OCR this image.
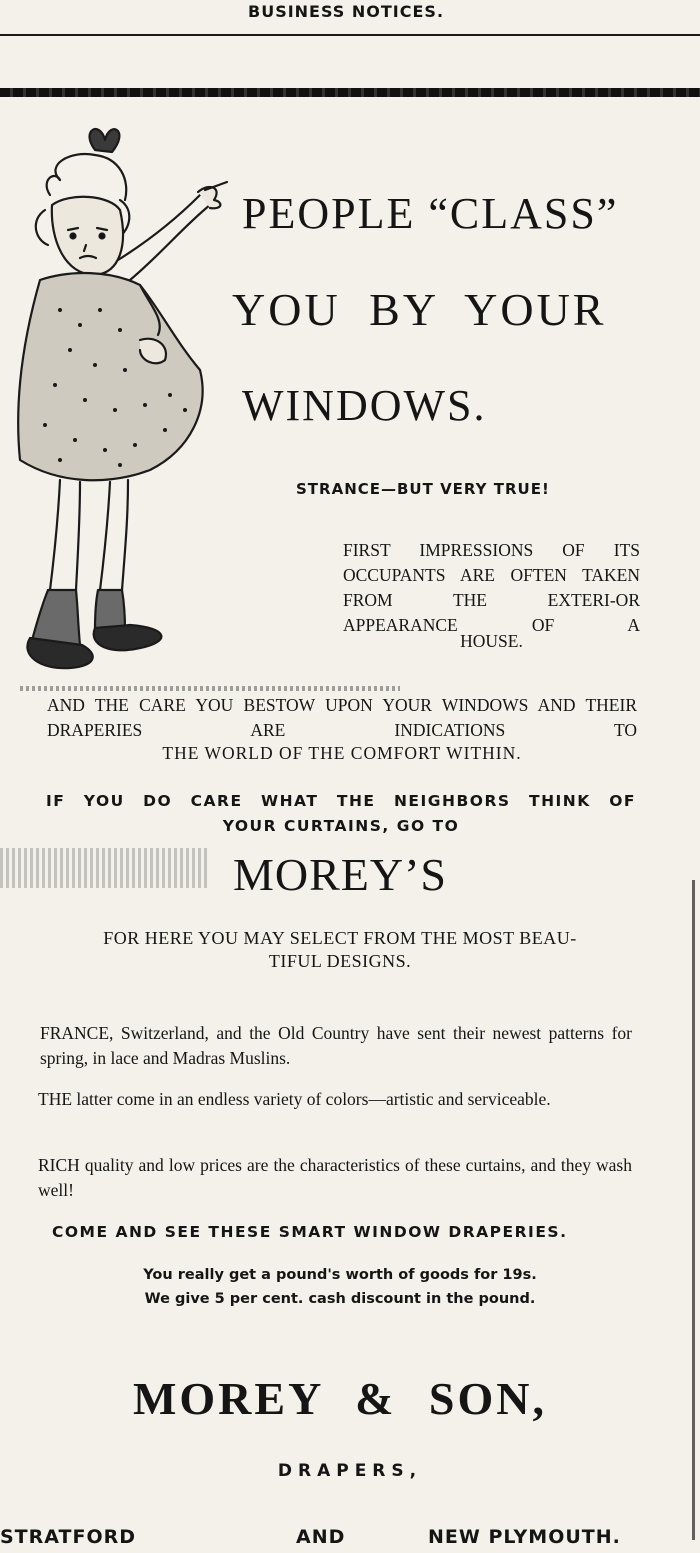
BUSINESS NOTICES.
PEOPLE “CLASS”
YOU BY YOUR
WINDOWS.
STRANCE—BUT VERY TRUE!
FIRST IMPRESSIONS OF ITS OCCUPANTS ARE OFTEN TAKEN FROM THE EXTERI-OR APPEARANCE OF A
HOUSE.
AND THE CARE YOU BESTOW UPON YOUR WINDOWS AND THEIR DRAPERIES ARE INDICATIONS TO
THE WORLD OF THE COMFORT WITHIN.
IF YOU DO CARE WHAT THE NEIGHBORS THINK OF
YOUR CURTAINS, GO TO
MOREY’S
FOR HERE YOU MAY SELECT FROM THE MOST BEAU-
TIFUL DESIGNS.
FRANCE, Switzerland, and the Old Country have sent their newest patterns for spring, in lace and Madras Muslins.
THE latter come in an endless variety of colors—artistic and serviceable.
RICH quality and low prices are the characteristics of these curtains, and they wash well!
COME AND SEE THESE SMART WINDOW DRAPERIES.
You really get a pound's worth of goods for 19s.
We give 5 per cent. cash discount in the pound.
MOREY & SON,
DRAPERS,
STRATFORD	AND	NEW PLYMOUTH.
